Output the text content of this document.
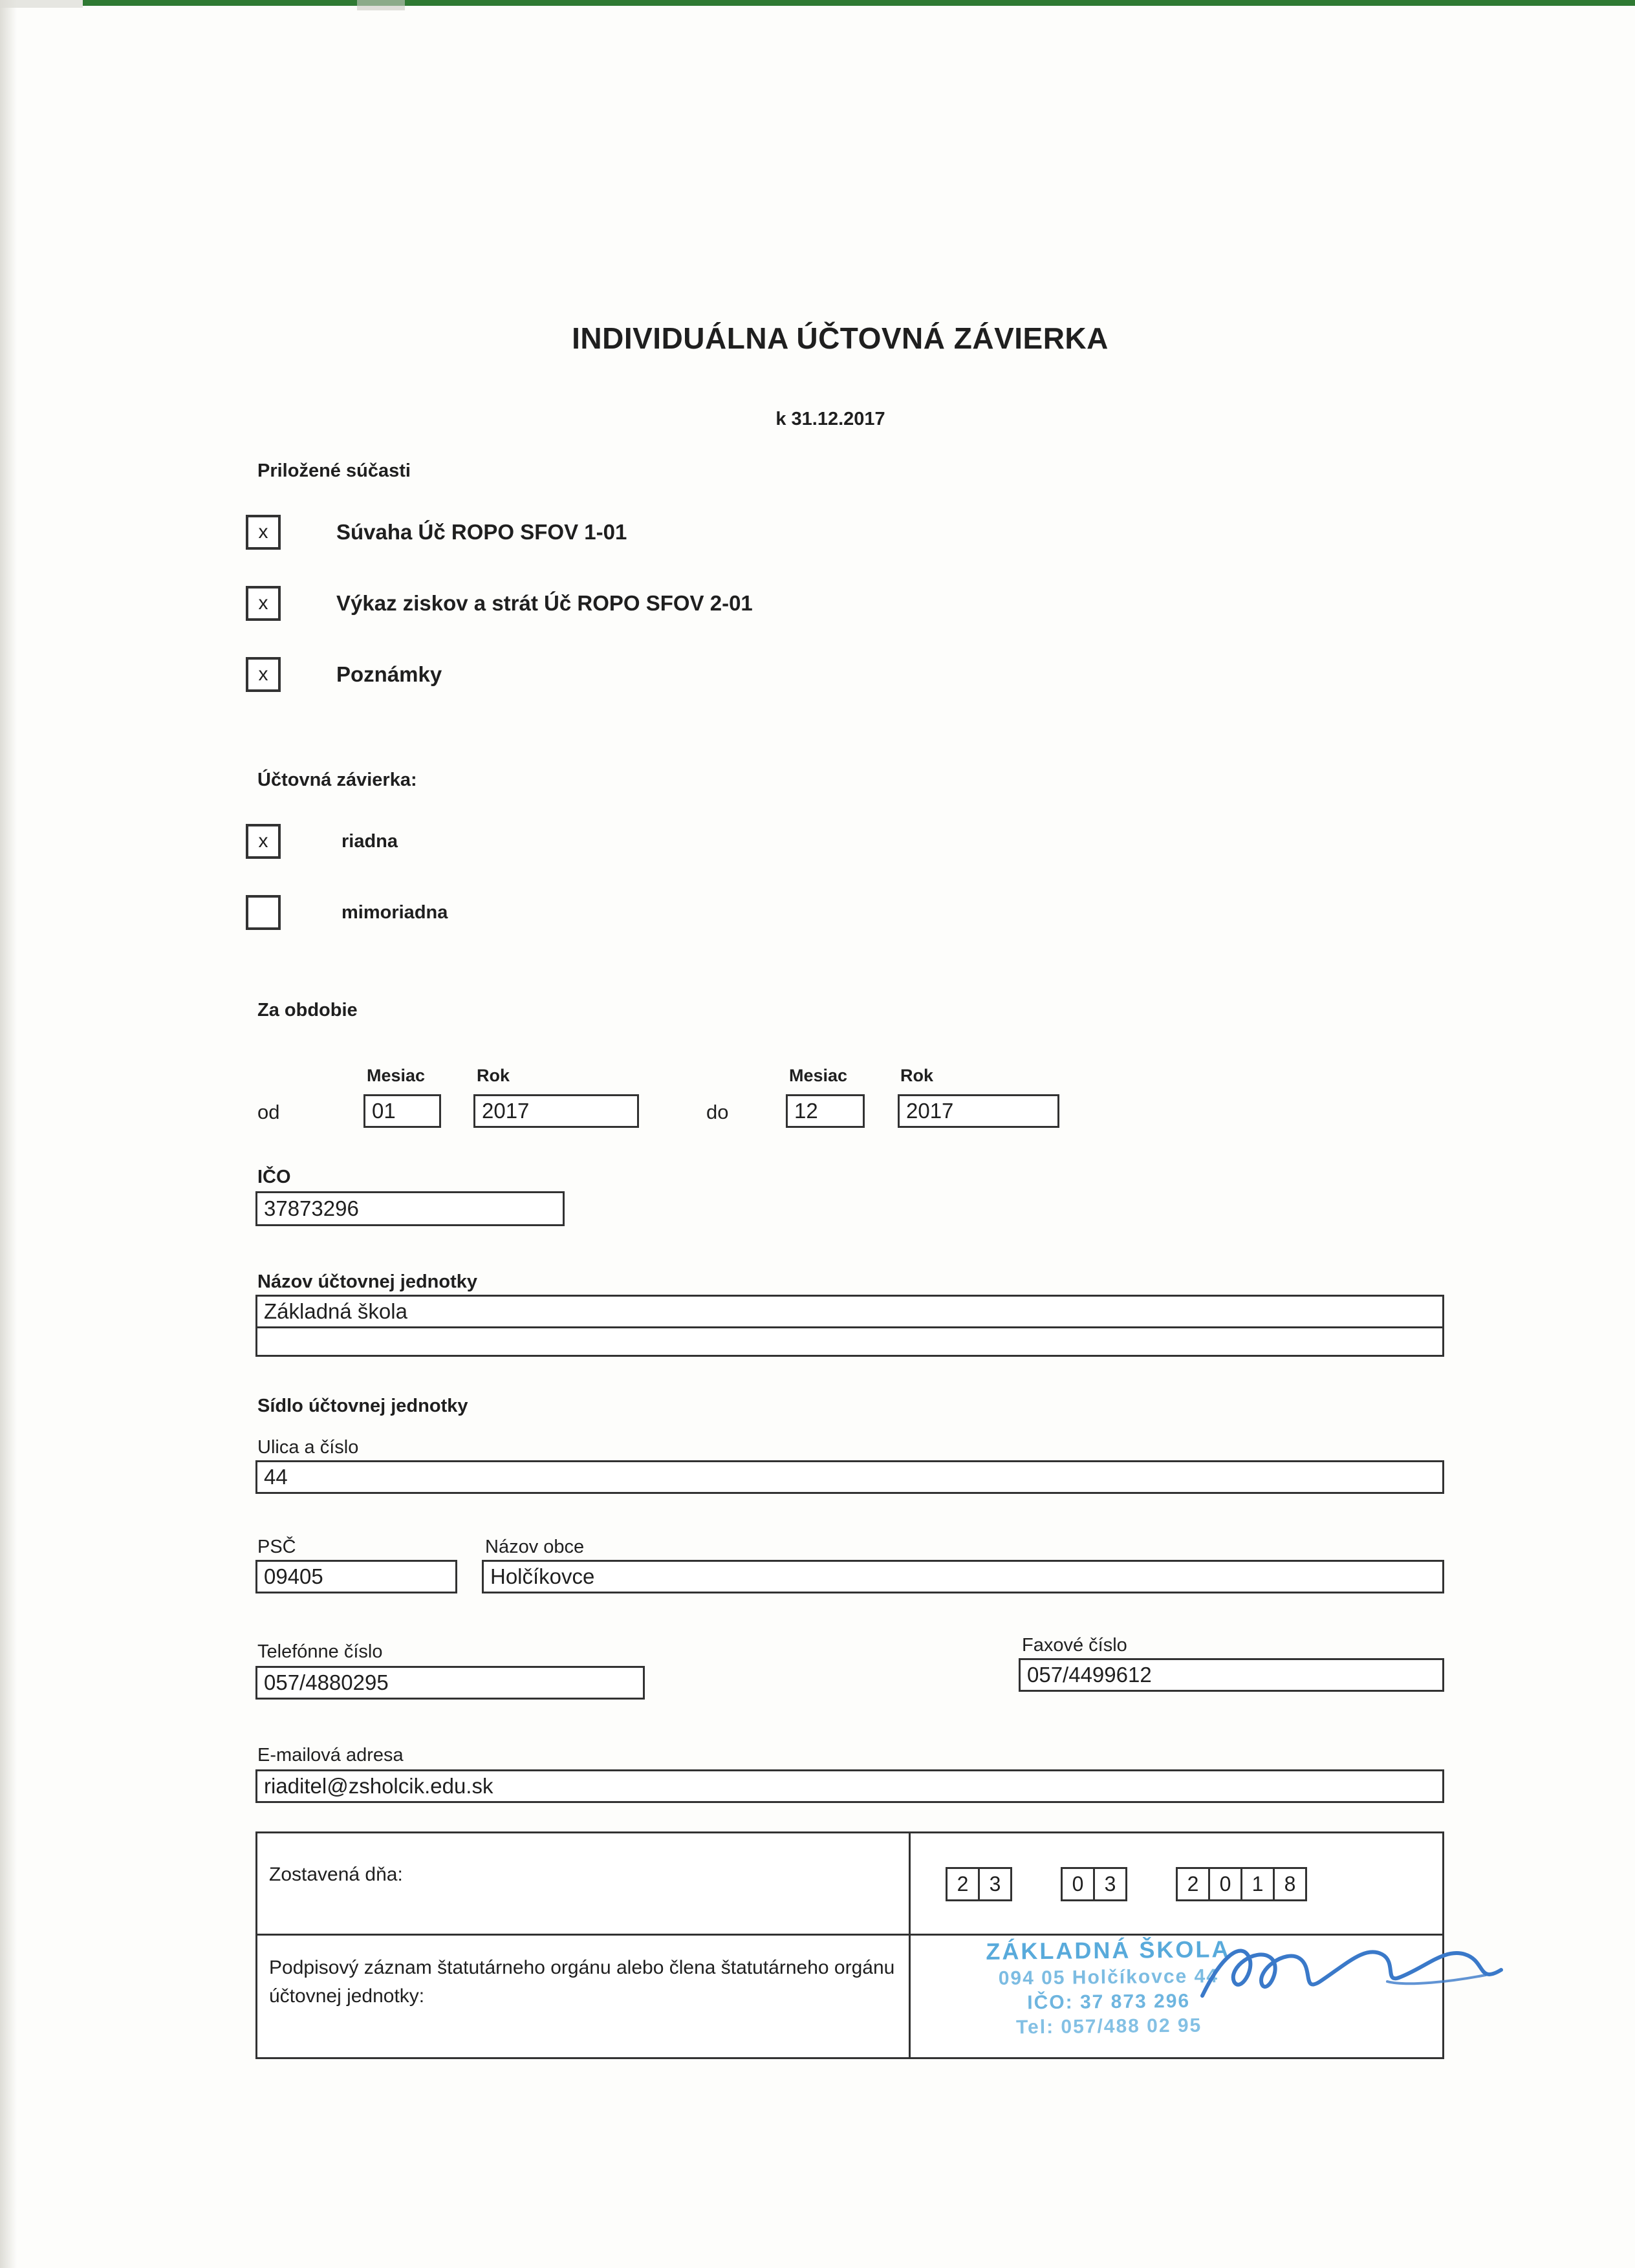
INDIVIDUÁLNA ÚČTOVNÁ ZÁVIERKA
k 31.12.2017
Priložené súčasti
x	Súvaha Úč ROPO SFOV 1-01
x	Výkaz ziskov a strát Úč ROPO SFOV 2-01
x	Poznámky
Účtovná závierka:
x	riadna
mimoriadna
Za obdobie
Mesiac	Rok	Mesiac	Rok
od	01	2017	do	12	2017
IČO
37873296
Názov účtovnej jednotky
Základná škola
Sídlo účtovnej jednotky
Ulica a číslo
44
PSČ	Názov obce
09405	Holčíkovce
Telefónne číslo	Faxové číslo
057/4880295	057/4499612
E-mailová adresa
riaditel@zsholcik.edu.sk
Zostavená dňa:	2	3	0	3	2	0	1	8
Podpisový záznam štatutárneho orgánu alebo člena štatutárneho orgánu účtovnej jednotky:
ZÁKLADNÁ ŠKOLA
094 05 Holčíkovce 44
IČO: 37 873 296
Tel: 057/488 02 95
